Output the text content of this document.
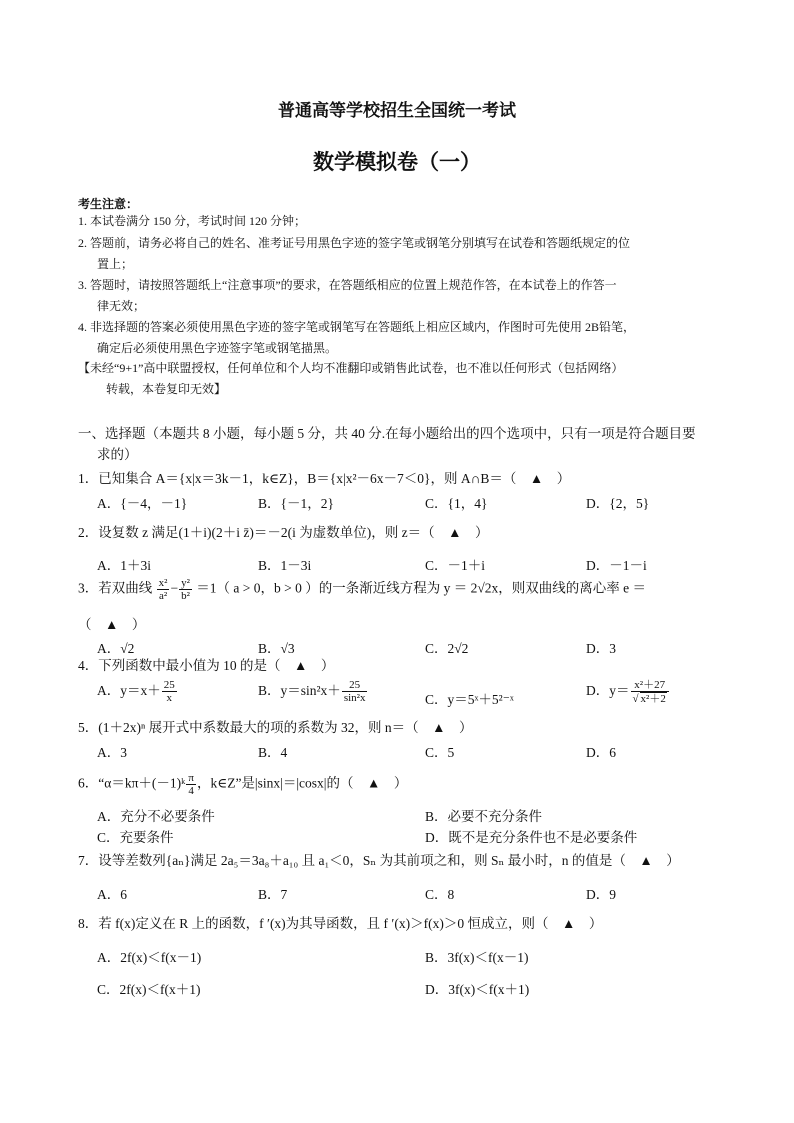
普通高等学校招生全国统一考试
数学模拟卷（一）
考生注意：
1. 本试卷满分 150 分，考试时间 120 分钟；
2. 答题前，请务必将自己的姓名、准考证号用黑色字迹的签字笔或钢笔分别填写在试卷和答题纸规定的位
置上；
3. 答题时，请按照答题纸上“注意事项”的要求，在答题纸相应的位置上规范作答，在本试卷上的作答一
律无效；
4. 非选择题的答案必须使用黑色字迹的签字笔或钢笔写在答题纸上相应区域内，作图时可先使用 2B铅笔，
确定后必须使用黑色字迹签字笔或钢笔描黑。
【未经“9+1”高中联盟授权，任何单位和个人均不准翻印或销售此试卷，也不准以任何形式（包括网络）
转载，本卷复印无效】
一、选择题（本题共 8 小题，每小题 5 分，共 40 分.在每小题给出的四个选项中，只有一项是符合题目要
求的）
1．已知集合 A＝{x|x＝3k－1，k∈Z}，B＝{x|x²－6x－7＜0}，则 A∩B＝（　▲　）
A．{－4，－1}	B．{－1，2}	C．{1，4}	D．{2，5}
2．设复数 z 满足(1＋i)(2＋i z̄)＝－2(i 为虚数单位)，则 z＝（　▲　）
A．1＋3i	B．1－3i	C．－1＋i	D．－1－i
3．若双曲线 $\frac{\text{x²}}{\text{a²}} - \frac{\text{y²}}{\text{b²}} =1$（ a > 0，b > 0 ）的一条渐近线方程为 y ＝ 2√2x，则双曲线的离心率 e ＝
（　▲　）
A．√2	B．√3	C．2√2	D．3
4．下列函数中最小值为 10 的是（　▲　）
A．$y=x+ \frac{25}{x}$	B．$y=\sin^2x+ \frac{25}{\text{sin²x}}$	C．y＝5ˣ＋5²⁻ˣ
D．$y= \frac{\text{x²＋27}}{\text{√ x²＋2}}$
5．(1＋2x)ⁿ 展开式中系数最大的项的系数为 32，则 n＝（　▲　）
A．3	B．4	C．5	D．6
6．“α＝kπ＋(－1)ᵏ $\frac{\pi}{4}$ ，k∈Z”是|sinx|＝|cosx|的（　▲　）
A．充分不必要条件	B．必要不充分条件
C．充要条件	D．既不是充分条件也不是必要条件
7．设等差数列{aₙ}满足 2a₅＝3a₈＋a₁₀ 且 a₁＜0，Sₙ 为其前项之和，则 Sₙ 最小时，n 的值是（　▲　）
A．6	B．7	C．8	D．9
8．若 f(x)定义在 R 上的函数，f ′(x)为其导函数，且 f ′(x)＞f(x)＞0 恒成立，则（　▲　）
A．2f(x)＜f(x－1)	B．3f(x)＜f(x－1)
C．2f(x)＜f(x＋1)	D．3f(x)＜f(x＋1)
